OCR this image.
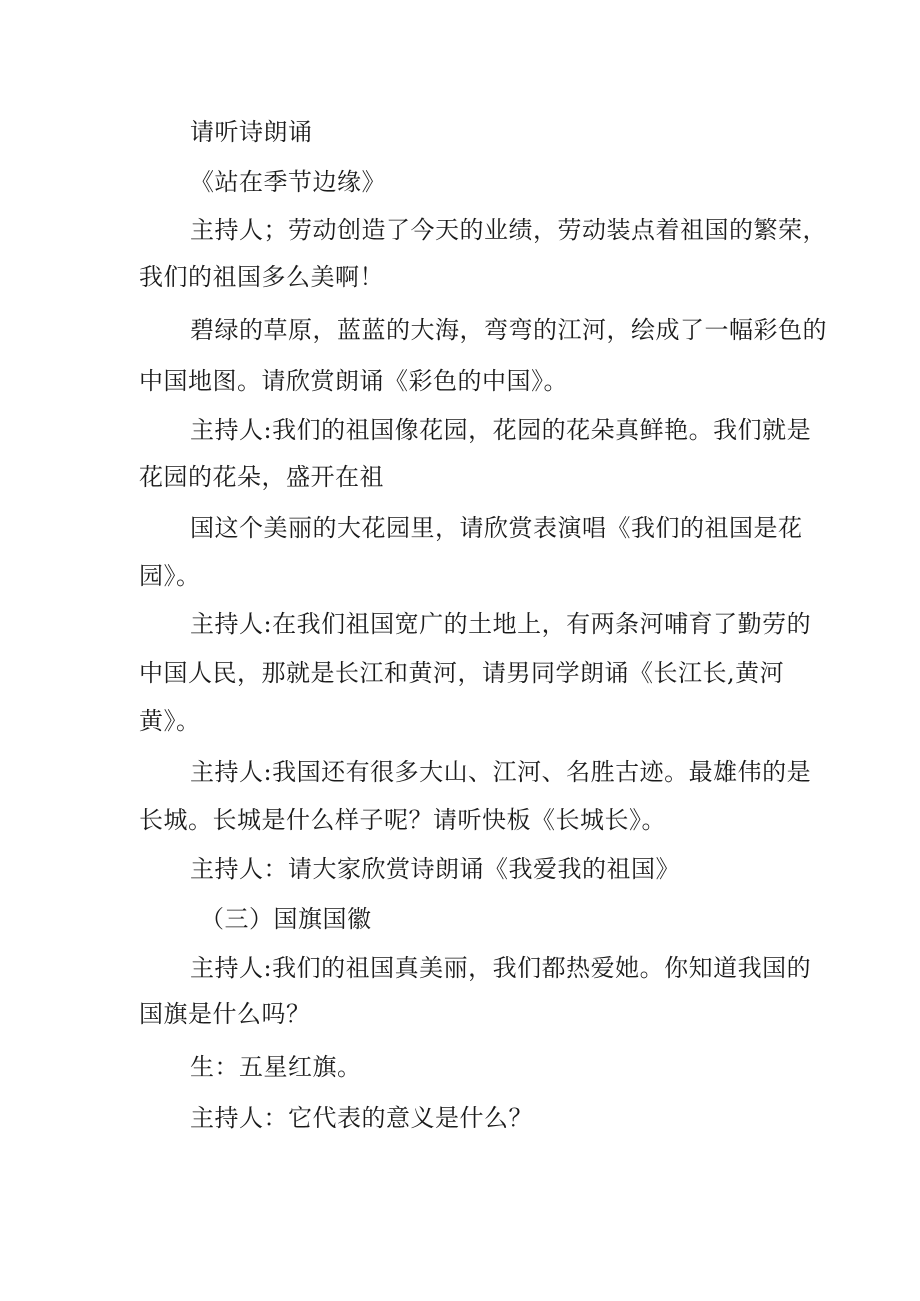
请听诗朗诵
《站在季节边缘》
主持人；劳动创造了今天的业绩，劳动装点着祖国的繁荣，
我们的祖国多么美啊！
碧绿的草原，蓝蓝的大海，弯弯的江河，绘成了一幅彩色的
中国地图。请欣赏朗诵《彩色的中国》。
主持人:我们的祖国像花园，花园的花朵真鲜艳。我们就是
花园的花朵，盛开在祖
国这个美丽的大花园里，请欣赏表演唱《我们的祖国是花
园》。
主持人:在我们祖国宽广的土地上，有两条河哺育了勤劳的
中国人民，那就是长江和黄河，请男同学朗诵《长江长,黄河
黄》。
主持人:我国还有很多大山、江河、名胜古迹。最雄伟的是
长城。长城是什么样子呢？请听快板《长城长》。
主持人：请大家欣赏诗朗诵《我爱我的祖国》
（三）国旗国徽
主持人:我们的祖国真美丽，我们都热爱她。你知道我国的
国旗是什么吗？
生：五星红旗。
主持人：它代表的意义是什么？
